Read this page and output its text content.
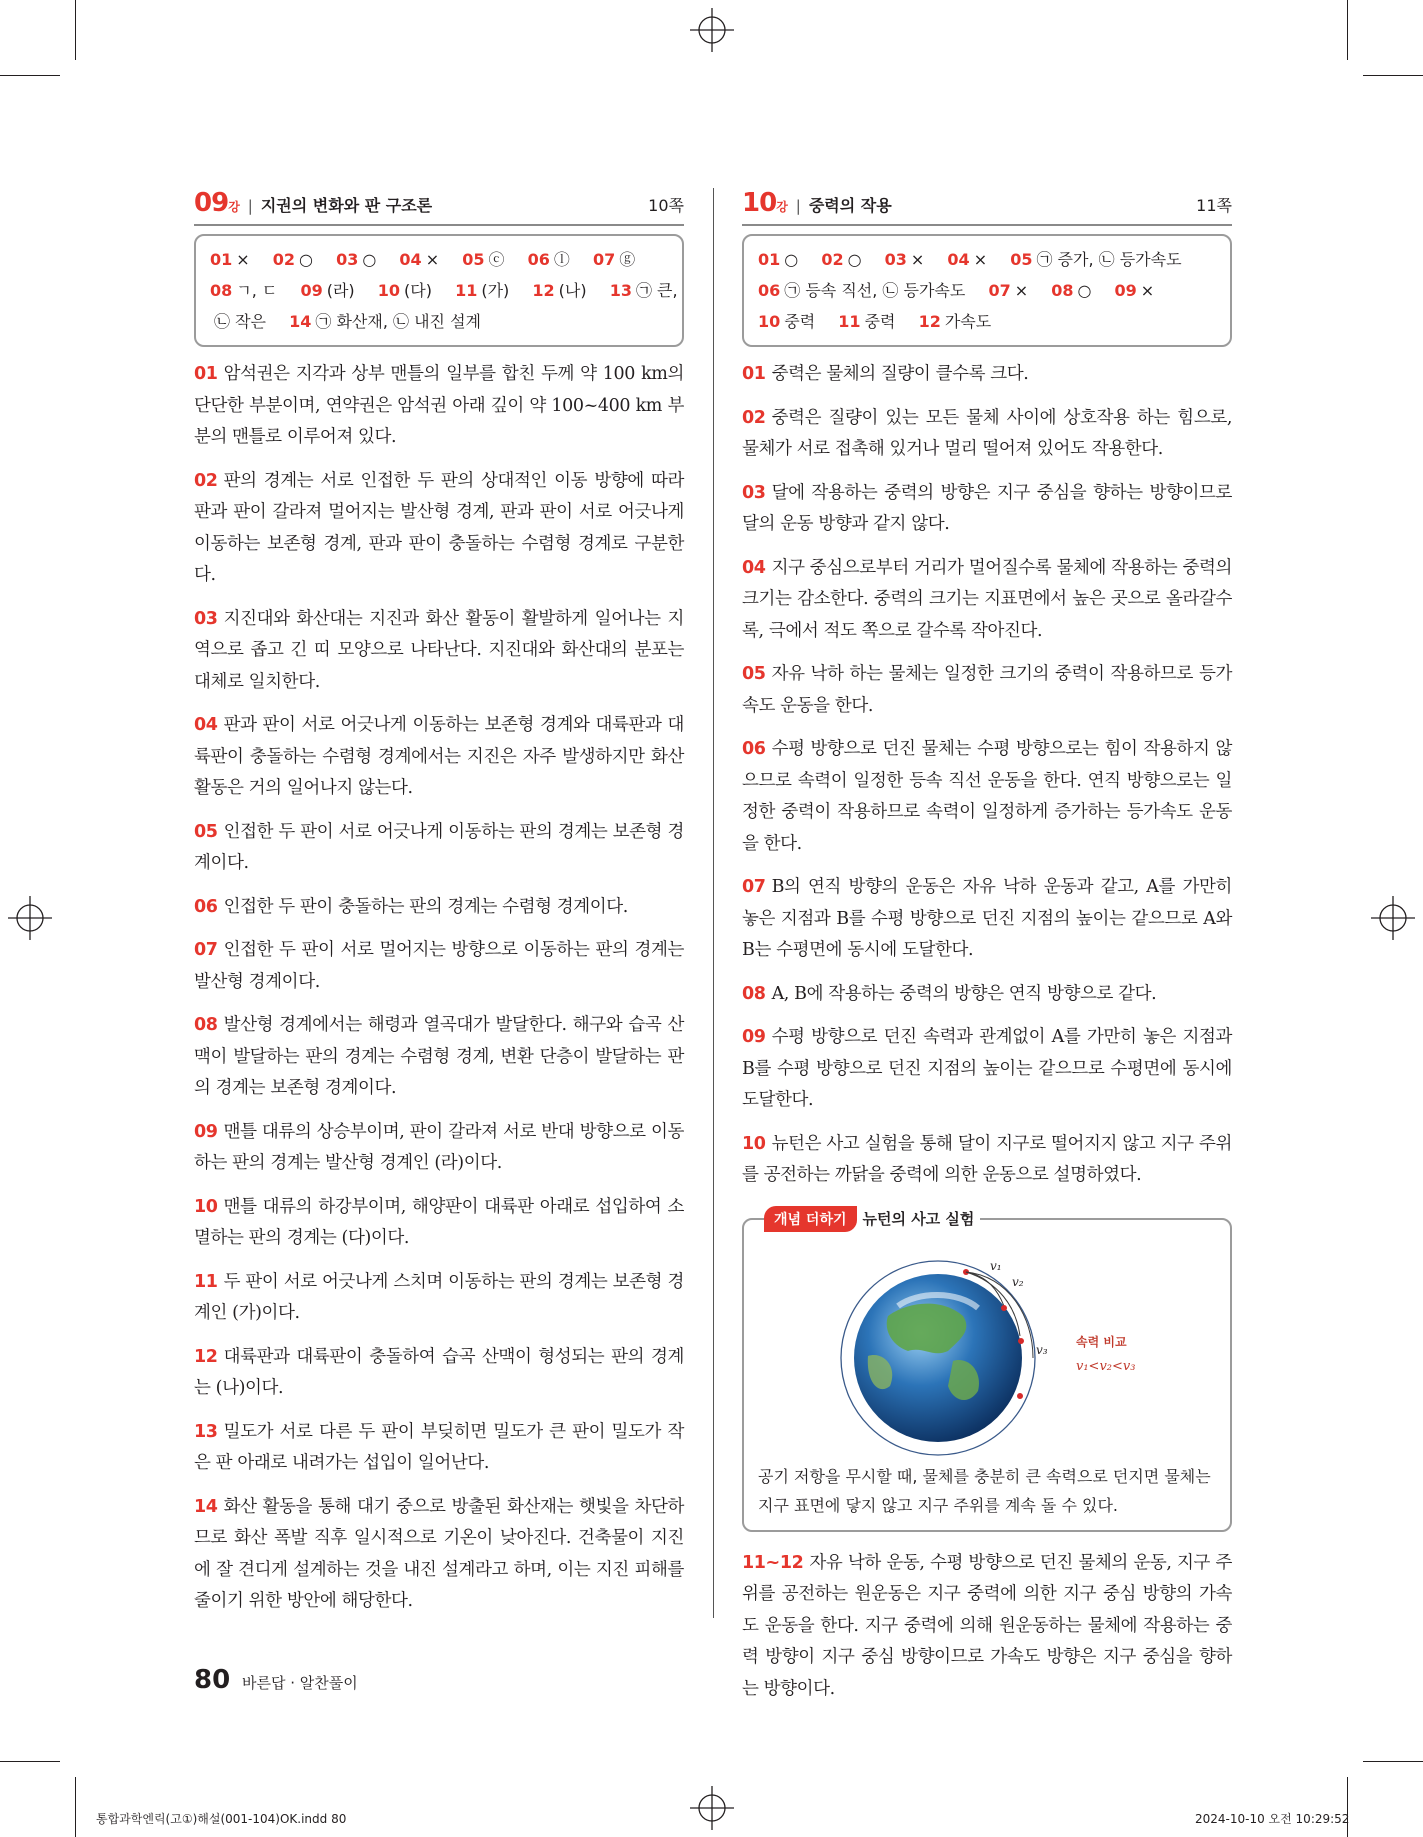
09 강 | 지권의 변화와 판 구조론	10쪽
01 × 02 ○ 03 ○ 04 × 05 ⓒ 06 ⓛ 07 ⓖ
08 ㄱ, ㄷ 09 (라) 10 (다) 11 (가) 12 (나) 13 ㉠ 큰,
㉡ 작은 14 ㉠ 화산재, ㉡ 내진 설계

01 암석권은 지각과 상부 맨틀의 일부를 합친 두께 약 100 km의 단단한 부분이며, 연약권은 암석권 아래 깊이 약 100~400 km 부분의 맨틀로 이루어져 있다.

02 판의 경계는 서로 인접한 두 판의 상대적인 이동 방향에 따라 판과 판이 갈라져 멀어지는 발산형 경계, 판과 판이 서로 어긋나게 이동하는 보존형 경계, 판과 판이 충돌하는 수렴형 경계로 구분한다.

03 지진대와 화산대는 지진과 화산 활동이 활발하게 일어나는 지역으로 좁고 긴 띠 모양으로 나타난다. 지진대와 화산대의 분포는 대체로 일치한다.

04 판과 판이 서로 어긋나게 이동하는 보존형 경계와 대륙판과 대륙판이 충돌하는 수렴형 경계에서는 지진은 자주 발생하지만 화산 활동은 거의 일어나지 않는다.

05 인접한 두 판이 서로 어긋나게 이동하는 판의 경계는 보존형 경계이다.

06 인접한 두 판이 충돌하는 판의 경계는 수렴형 경계이다.

07 인접한 두 판이 서로 멀어지는 방향으로 이동하는 판의 경계는 발산형 경계이다.

08 발산형 경계에서는 해령과 열곡대가 발달한다. 해구와 습곡 산맥이 발달하는 판의 경계는 수렴형 경계, 변환 단층이 발달하는 판의 경계는 보존형 경계이다.

09 맨틀 대류의 상승부이며, 판이 갈라져 서로 반대 방향으로 이동하는 판의 경계는 발산형 경계인 (라)이다.

10 맨틀 대류의 하강부이며, 해양판이 대륙판 아래로 섭입하여 소멸하는 판의 경계는 (다)이다.

11 두 판이 서로 어긋나게 스치며 이동하는 판의 경계는 보존형 경계인 (가)이다.

12 대륙판과 대륙판이 충돌하여 습곡 산맥이 형성되는 판의 경계는 (나)이다.

13 밀도가 서로 다른 두 판이 부딪히면 밀도가 큰 판이 밀도가 작은 판 아래로 내려가는 섭입이 일어난다.

14 화산 활동을 통해 대기 중으로 방출된 화산재는 햇빛을 차단하므로 화산 폭발 직후 일시적으로 기온이 낮아진다. 건축물이 지진에 잘 견디게 설계하는 것을 내진 설계라고 하며, 이는 지진 피해를 줄이기 위한 방안에 해당한다.

10 강 | 중력의 작용	11쪽
01 ○ 02 ○ 03 × 04 × 05 ㉠ 증가, ㉡ 등가속도
06 ㉠ 등속 직선, ㉡ 등가속도 07 × 08 ○ 09 ×
10 중력 11 중력 12 가속도

01 중력은 물체의 질량이 클수록 크다.

02 중력은 질량이 있는 모든 물체 사이에 상호작용 하는 힘으로, 물체가 서로 접촉해 있거나 멀리 떨어져 있어도 작용한다.

03 달에 작용하는 중력의 방향은 지구 중심을 향하는 방향이므로 달의 운동 방향과 같지 않다.

04 지구 중심으로부터 거리가 멀어질수록 물체에 작용하는 중력의 크기는 감소한다. 중력의 크기는 지표면에서 높은 곳으로 올라갈수록, 극에서 적도 쪽으로 갈수록 작아진다.

05 자유 낙하 하는 물체는 일정한 크기의 중력이 작용하므로 등가속도 운동을 한다.

06 수평 방향으로 던진 물체는 수평 방향으로는 힘이 작용하지 않으므로 속력이 일정한 등속 직선 운동을 한다. 연직 방향으로는 일정한 중력이 작용하므로 속력이 일정하게 증가하는 등가속도 운동을 한다.

07 B의 연직 방향의 운동은 자유 낙하 운동과 같고, A를 가만히 놓은 지점과 B를 수평 방향으로 던진 지점의 높이는 같으므로 A와 B는 수평면에 동시에 도달한다.

08 A, B에 작용하는 중력의 방향은 연직 방향으로 같다.

09 수평 방향으로 던진 속력과 관계없이 A를 가만히 놓은 지점과 B를 수평 방향으로 던진 지점의 높이는 같으므로 수평면에 동시에 도달한다.

10 뉴턴은 사고 실험을 통해 달이 지구로 떨어지지 않고 지구 주위를 공전하는 까닭을 중력에 의한 운동으로 설명하였다.

개념 더하기	뉴턴의 사고 실험
v₁
v₂
v₃
속력 비교
v₁<v₂<v₃
공기 저항을 무시할 때, 물체를 충분히 큰 속력으로 던지면 물체는 지구 표면에 닿지 않고 지구 주위를 계속 돌 수 있다.

11~12 자유 낙하 운동, 수평 방향으로 던진 물체의 운동, 지구 주위를 공전하는 원운동은 지구 중력에 의한 지구 중심 방향의 가속도 운동을 한다. 지구 중력에 의해 원운동하는 물체에 작용하는 중력 방향이 지구 중심 방향이므로 가속도 방향은 지구 중심을 향하는 방향이다.

80 바른답 · 알찬풀이
통합과학엔릭(고①)해설(001-104)OK.indd 80	2024-10-10 오전 10:29:52
